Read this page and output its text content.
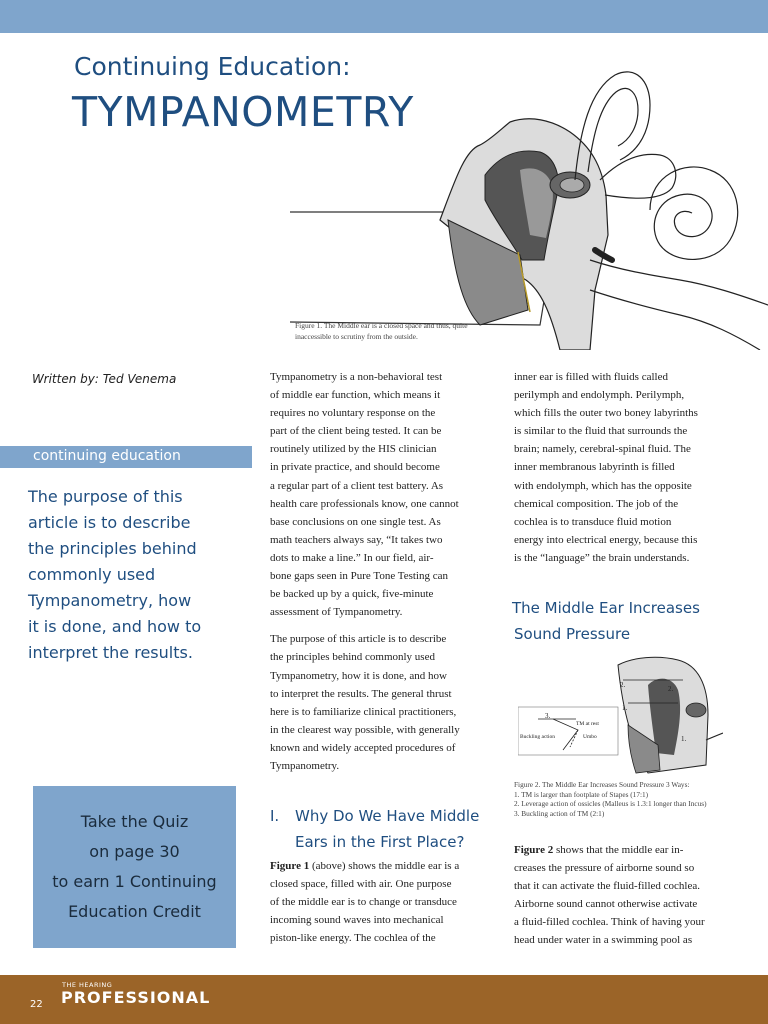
Continuing Education:
TYMPANOMETRY
Figure 1. The Middle ear is a closed space and thus, quite inaccessible to scrutiny from the outside.
Written by: Ted Venema
continuing education
The purpose of this
article is to describe
the principles behind
commonly used
Tympanometry, how
it is done, and how to
interpret the results.
Take the Quiz
on page 30
to earn 1 Continuing
Education Credit

Tympanometry is a non-behavioral test
of middle ear function, which means it
requires no voluntary response on the
part of the client being tested. It can be
routinely utilized by the HIS clinician
in private practice, and should become
a regular part of a client test battery. As
health care professionals know, one cannot
base conclusions on one single test. As
math teachers always say, “It takes two
dots to make a line.” In our field, air-
bone gaps seen in Pure Tone Testing can
be backed up by a quick, five-minute
assessment of Tympanometry.

The purpose of this article is to describe
the principles behind commonly used
Tympanometry, how it is done, and how
to interpret the results. The general thrust
here is to familiarize clinical practitioners,
in the clearest way possible, with generally
known and widely accepted procedures of
Tympanometry.

I. Why Do We Have Middle
Ears in the First Place?
Figure 1 (above) shows the middle ear is a
closed space, filled with air. One purpose
of the middle ear is to change or transduce
incoming sound waves into mechanical
piston-like energy. The cochlea of the
inner ear is filled with fluids called
perilymph and endolymph. Perilymph,
which fills the outer two boney labyrinths
is similar to the fluid that surrounds the
brain; namely, cerebral-spinal fluid. The
inner membranous labyrinth is filled
with endolymph, which has the opposite
chemical composition. The job of the
cochlea is to transduce fluid motion
energy into electrical energy, because this
is the “language” the brain understands.
The Middle Ear Increases
Sound Pressure
3.
TM at rest
Buckling action	Umbo
2.	2.
1.
1.
Figure 2. The Middle Ear Increases Sound Pressure 3 Ways:
1. TM is larger than footplate of Stapes (17:1)
2. Leverage action of ossicles (Malleus is 1.3:1 longer than Incus)
3. Buckling action of TM (2:1)
Figure 2 shows that the middle ear in-
creases the pressure of airborne sound so
that it can activate the fluid-filled cochlea.
Airborne sound cannot otherwise activate
a fluid-filled cochlea. Think of having your
head under water in a swimming pool as
22
THE HEARING
PROFESSIONAL
